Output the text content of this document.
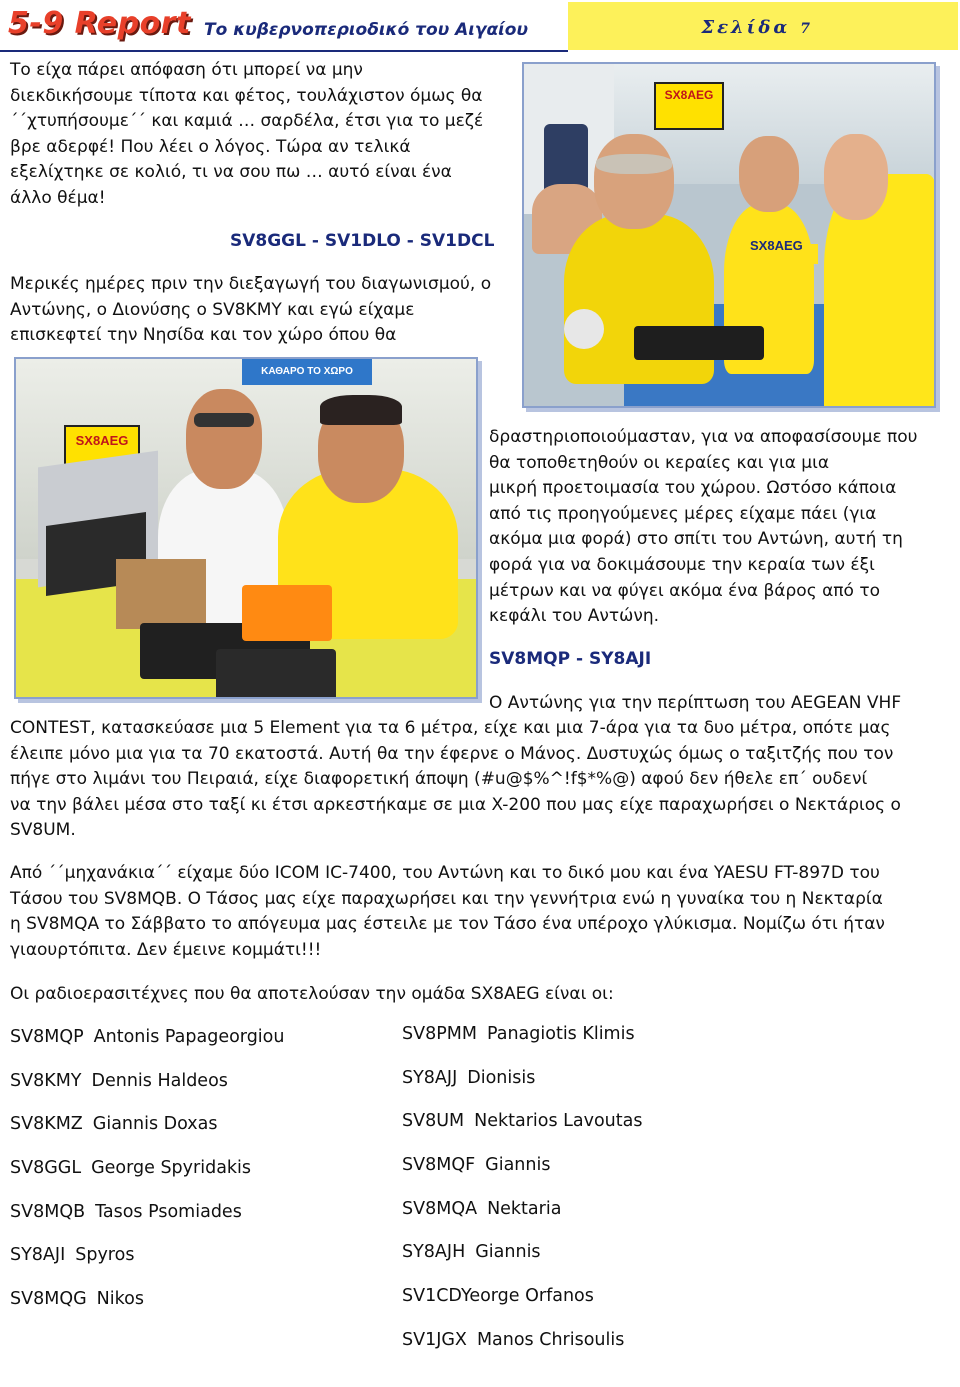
5-9 Report Το κυβερνοπεριοδικό του Αιγαίου	Σελίδα 7
Το είχα πάρει απόφαση ότι μπορεί να μην
διεκδικήσουμε τίποτα και φέτος, τουλάχιστον όμως θα
΄΄χτυπήσουμε΄΄ και καμιά … σαρδέλα, έτσι για το μεζέ
βρε αδερφέ! Που λέει ο λόγος. Τώρα αν τελικά
εξελίχτηκε σε κολιό, τι να σου πω … αυτό είναι ένα
άλλο θέμα!
SX8AEG
SX8AEG
SV8GGL - SV1DLO - SV1DCL
Μερικές ημέρες πριν την διεξαγωγή του διαγωνισμού, ο
Αντώνης, ο Διονύσης ο SV8KMY και εγώ είχαμε
επισκεφτεί την Νησίδα και τον χώρο όπου θα
ΚΑΘΑΡΟ ΤΟ ΧΩΡΟ
SX8AEG	δραστηριοποιούμασταν, για να αποφασίσουμε που
θα τοποθετηθούν οι κεραίες και για μια
μικρή προετοιμασία του χώρου. Ωστόσο κάποια
από τις προηγούμενες μέρες είχαμε πάει (για
ακόμα μια φορά) στο σπίτι του Αντώνη, αυτή τη
φορά για να δοκιμάσουμε την κεραία των έξι
μέτρων και να φύγει ακόμα ένα βάρος από το
κεφάλι του Αντώνη.
SV8MQP - SY8AJI
Ο Αντώνης για την περίπτωση του AEGEAN VHF
CONTEST, κατασκεύασε μια 5 Element για τα 6 μέτρα, είχε και μια 7-άρα για τα δυο μέτρα, οπότε μας
έλειπε μόνο μια για τα 70 εκατοστά. Αυτή θα την έφερνε ο Μάνος. Δυστυχώς όμως ο ταξιτζής που τον
πήγε στο λιμάνι του Πειραιά, είχε διαφορετική άποψη (#u@$%^!f$*%@) αφού δεν ήθελε επ΄ ουδενί
να την βάλει μέσα στο ταξί κι έτσι αρκεστήκαμε σε μια X-200 που μας είχε παραχωρήσει ο Νεκτάριος ο
SV8UM.
Από ΄΄μηχανάκια΄΄ είχαμε δύο ICOM IC-7400, του Αντώνη και το δικό μου και ένα YAESU FT-897D του
Τάσου του SV8MQB. Ο Τάσος μας είχε παραχωρήσει και την γεννήτρια ενώ η γυναίκα του η Νεκταρία
η SV8MQA το Σάββατο το απόγευμα μας έστειλε με τον Τάσο ένα υπέροχο γλύκισμα. Νομίζω ότι ήταν
γιαουρτόπιτα. Δεν έμεινε κομμάτι!!!
Οι ραδιοερασιτέχνες που θα αποτελούσαν την ομάδα SX8AEG είναι οι:
SV8MQP Antonis Papageorgiou
SV8KMY Dennis Haldeos
SV8KMZ Giannis Doxas
SV8GGL George Spyridakis
SV8MQB Tasos Psomiades
SY8AJI Spyros
SV8MQG Nikos
SV8PMM Panagiotis Klimis
SY8AJJ Dionisis
SV8UM Nektarios Lavoutas
SV8MQF Giannis
SV8MQA Nektaria
SY8AJH Giannis
SV1CDYeorge Orfanos
SV1JGX Manos Chrisoulis
